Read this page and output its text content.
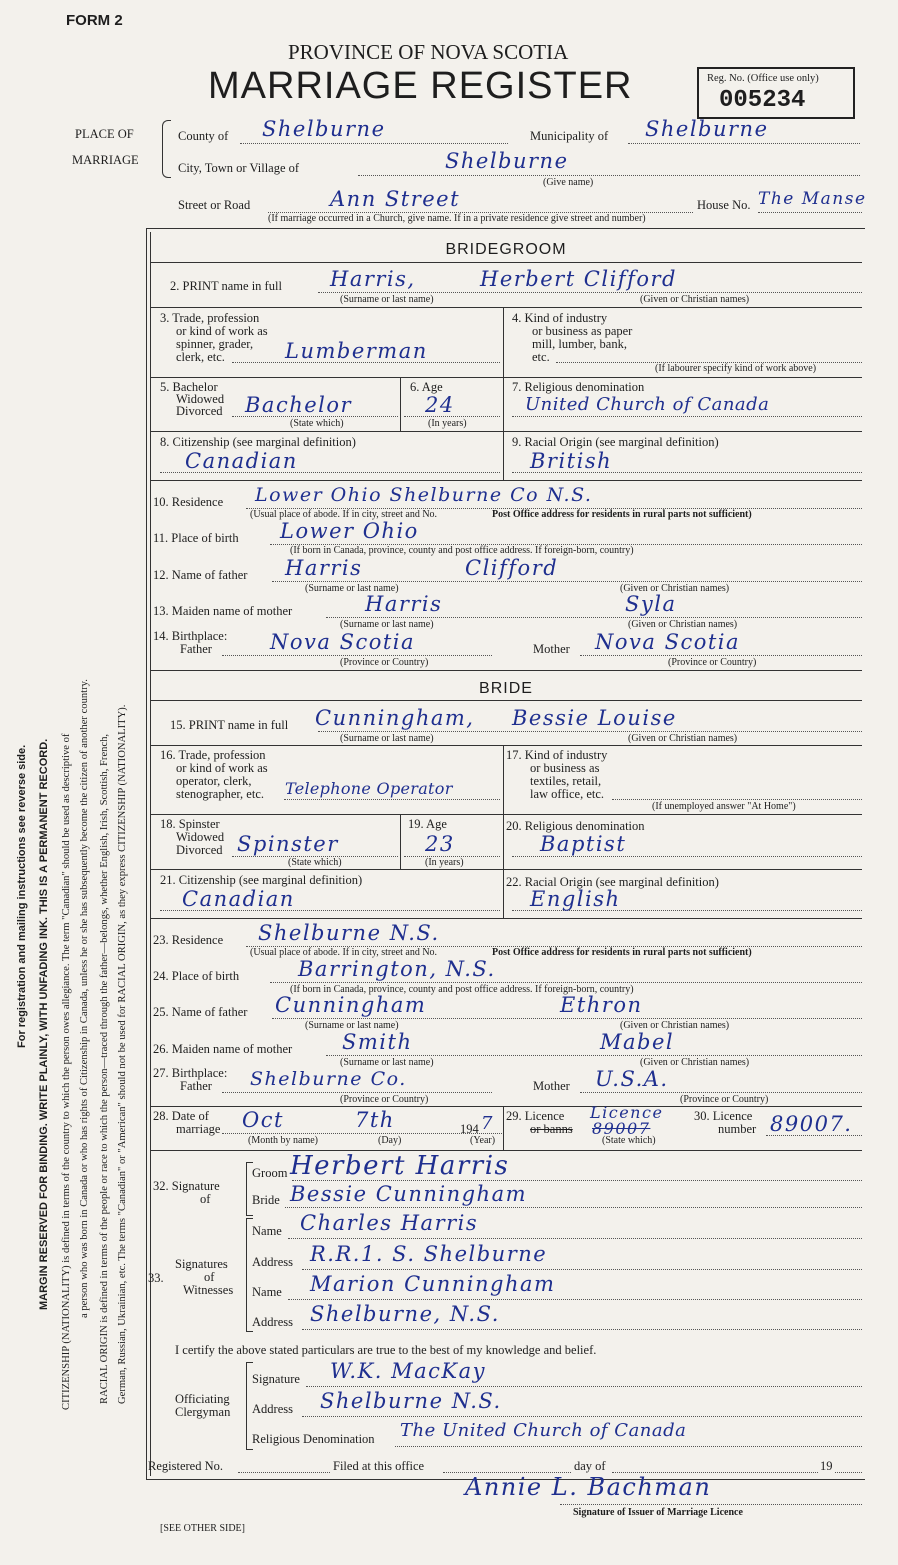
FORM 2
PROVINCE OF NOVA SCOTIA
MARRIAGE REGISTER	Reg. No. (Office use only)
005234
PLACE OF
MARRIAGE
County of Shelburne	Municipality of Shelburne
City, Town or Village of	Shelburne
(Give name)
Street or Road	Ann Street	House No. The Manse
(If marriage occurred in a Church, give name. If in a private residence give street and number)
BRIDEGROOM
2. PRINT name in full Harris,	Herbert Clifford
(Surname or last name)	(Given or Christian names)
3. Trade, profession
or kind of work as
spinner, grader,
clerk, etc.	Lumberman
4. Kind of industry
or business as paper
mill, lumber, bank,
etc.
(If labourer specify kind of work above)
5. Bachelor
Widowed
Divorced Bachelor
(State which)
6. Age
24
(In years)
7. Religious denomination
United Church of Canada
8. Citizenship (see marginal definition)
Canadian
9. Racial Origin (see marginal definition)
British
10. Residence Lower Ohio Shelburne Co N.S.
(Usual place of abode. If in city, street and No.	Post Office address for residents in rural parts not sufficient)
11. Place of birth Lower Ohio
(If born in Canada, province, county and post office address. If foreign-born, country)
12. Name of father Harris	Clifford
(Surname or last name)	(Given or Christian names)
13. Maiden name of mother	Harris	Syla
(Surname or last name)	(Given or Christian names)
14. Birthplace:
Father	Nova Scotia
(Province or Country)
Mother Nova Scotia
(Province or Country)
BRIDE
15. PRINT name in full Cunningham, Bessie Louise
(Surname or last name)	(Given or Christian names)
16. Trade, profession
or kind of work as
operator, clerk,
stenographer, etc. Telephone Operator
17. Kind of industry
or business as
textiles, retail,
law office, etc.
(If unemployed answer "At Home")
18. Spinster
Widowed
Divorced Spinster
(State which)
19. Age
23
(In years)
20. Religious denomination
Baptist
21. Citizenship (see marginal definition)
Canadian
22. Racial Origin (see marginal definition)
English
23. Residence Shelburne N.S.
(Usual place of abode. If in city, street and No.	Post Office address for residents in rural parts not sufficient)
24. Place of birth	Barrington, N.S.
(If born in Canada, province, county and post office address. If foreign-born, country)
25. Name of father Cunningham	Ethron
(Surname or last name)	(Given or Christian names)
26. Maiden name of mother Smith	Mabel
(Surname or last name)	(Given or Christian names)
27. Birthplace:
Father Shelburne Co.
(Province or Country)
Mother U.S.A.
(Province or Country)
28. Date of
marriage Oct	7th	194 7
(Month by name)	(Day)	(Year)
29. Licence
or banns
Licence
89007
(State which)
30. Licence
number 89007.
32. Signature
of
Groom Herbert Harris
Bride Bessie Cunningham
Signatures
of
Witnesses
33.
Name Charles Harris
Address R.R.1. S. Shelburne
Name Marion Cunningham
Address Shelburne, N.S.
I certify the above stated particulars are true to the best of my knowledge and belief.
Officiating
Clergyman
Signature W.K. MacKay
Address Shelburne N.S.
Religious Denomination The United Church of Canada
Registered No.	Filed at this office	day of	19
Annie L. Bachman
Signature of Issuer of Marriage Licence
[SEE OTHER SIDE]
For registration and mailing instructions see reverse side. MARGIN RESERVED FOR BINDING. WRITE PLAINLY, WITH UNFADING INK. THIS IS A PERMANENT RECORD. CITIZENSHIP (NATIONALITY) is defined in terms of the country to which the person owes allegiance. The term "Canadian" should be used as descriptive of a person who was born in Canada or who has rights of Citizenship in Canada, unless he or she has subsequently become the citizen of another country. RACIAL ORIGIN is defined in terms of the people or race to which the person—traced through the father—belongs, whether English, Irish, Scottish, French, German, Russian, Ukrainian, etc. The terms "Canadian" or "American" should not be used for RACIAL ORIGIN, as they express CITIZENSHIP (NATIONALITY).
